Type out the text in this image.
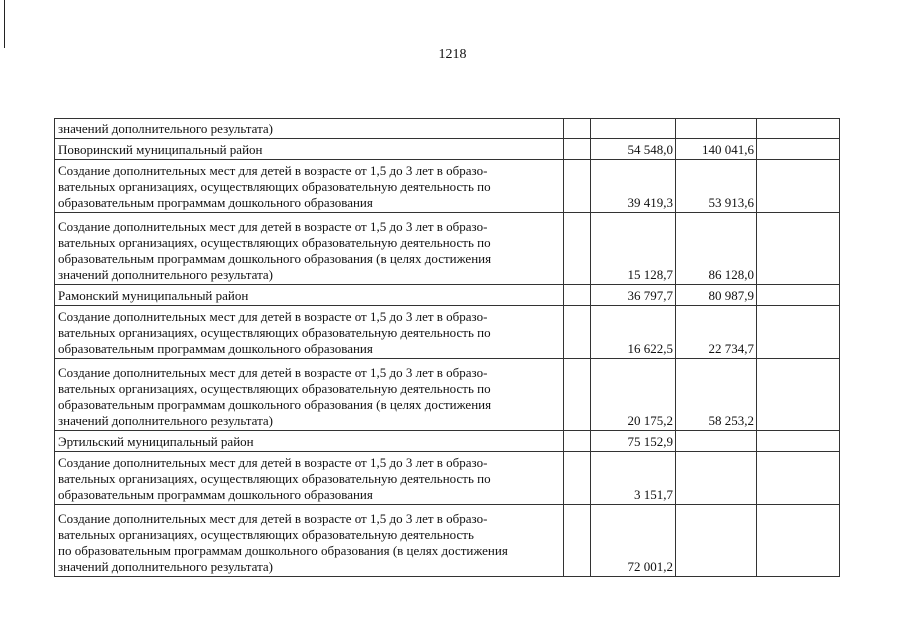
1218
значений дополнительного результата)				

Поворинский муниципальный район		54 548,0	140 041,6	

Создание дополнительных мест для детей в возрасте от 1,5 до 3 лет в образо-
вательных организациях, осуществляющих образовательную деятельность по
образовательным программам дошкольного образования		39 419,3	53 913,6	

Создание дополнительных мест для детей в возрасте от 1,5 до 3 лет в образо-
вательных организациях, осуществляющих образовательную деятельность по
образовательным программам дошкольного образования (в целях достижения
значений дополнительного результата)		15 128,7	86 128,0	

Рамонский муниципальный район		36 797,7	80 987,9	

Создание дополнительных мест для детей в возрасте от 1,5 до 3 лет в образо-
вательных организациях, осуществляющих образовательную деятельность по
образовательным программам дошкольного образования		16 622,5	22 734,7	

Создание дополнительных мест для детей в возрасте от 1,5 до 3 лет в образо-
вательных организациях, осуществляющих образовательную деятельность по
образовательным программам дошкольного образования (в целях достижения
значений дополнительного результата)		20 175,2	58 253,2	

Эртильский муниципальный район		75 152,9		

Создание дополнительных мест для детей в возрасте от 1,5 до 3 лет в образо-
вательных организациях, осуществляющих образовательную деятельность по
образовательным программам дошкольного образования		3 151,7		

Создание дополнительных мест для детей в возрасте от 1,5 до 3 лет в образо-
вательных организациях, осуществляющих образовательную деятельность
по образовательным программам дошкольного образования (в целях достижения
значений дополнительного результата)		72 001,2		
